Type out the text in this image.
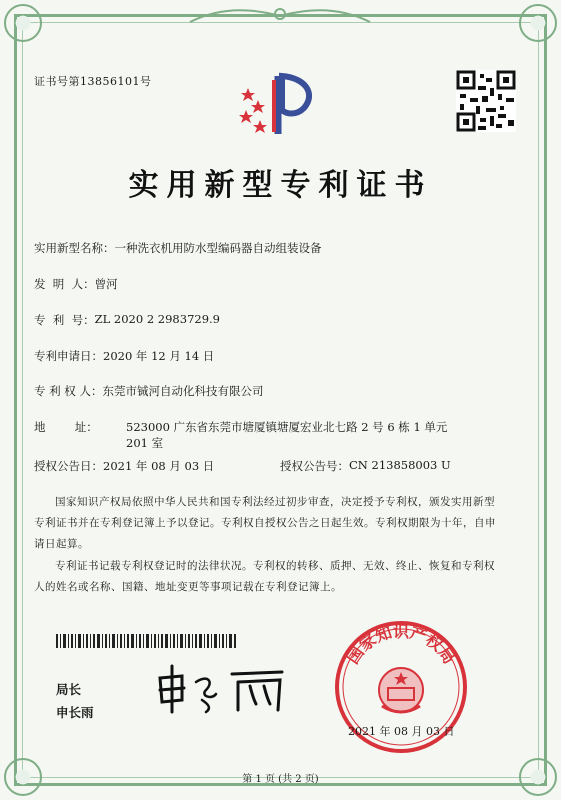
证书号第13856101号
实用新型专利证书
实用新型名称： 一种洗衣机用防水型编码器自动组装设备
发  明  人： 曾河
专  利  号： ZL 2020 2 2983729.9
专利申请日： 2020 年 12 月 14 日
专 利 权 人： 东莞市铖河自动化科技有限公司
地        址：	523000 广东省东莞市塘厦镇塘厦宏业北七路 2 号 6 栋 1 单元
201 室
授权公告日： 2021 年 08 月 03 日	授权公告号： CN 213858003 U
国家知识产权局依照中华人民共和国专利法经过初步审查，决定授予专利权，颁发实用新型专利证书并在专利登记簿上予以登记。专利权自授权公告之日起生效。专利权期限为十年，自申请日起算。
专利证书记载专利权登记时的法律状况。专利权的转移、质押、无效、终止、恢复和专利权人的姓名或名称、国籍、地址变更等事项记载在专利登记簿上。
局长
申长雨
国家知识产权局
2021 年 08 月 03 日
第 1 页 (共 2 页)
